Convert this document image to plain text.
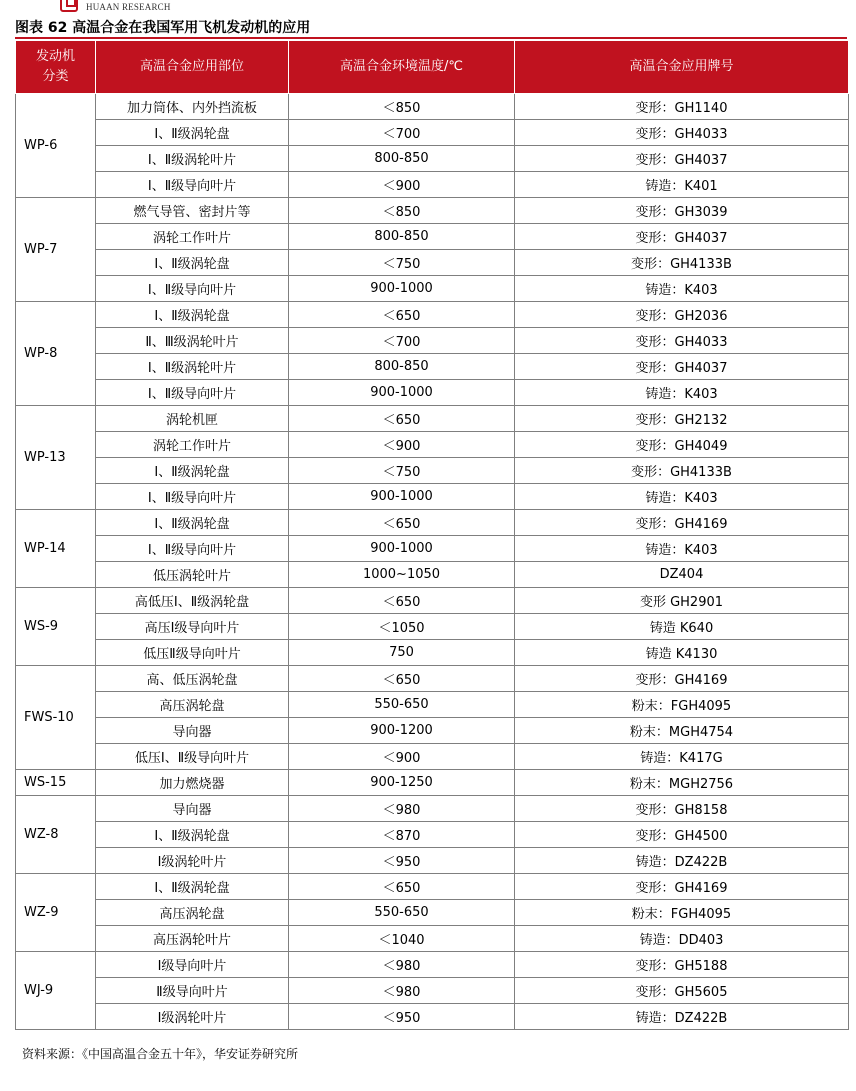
HUAAN RESEARCH
图表 62 高温合金在我国军用飞机发动机的应用
发动机
分类	高温合金应用部位	高温合金环境温度/℃	高温合金应用牌号
WP-6	加力筒体、内外挡流板	＜850	变形：GH1140
	Ⅰ、Ⅱ级涡轮盘	＜700	变形：GH4033
	Ⅰ、Ⅱ级涡轮叶片	800-850	变形：GH4037
	Ⅰ、Ⅱ级导向叶片	＜900	铸造：K401
WP-7	燃气导管、密封片等	＜850	变形：GH3039
	涡轮工作叶片	800-850	变形：GH4037
	Ⅰ、Ⅱ级涡轮盘	＜750	变形：GH4133B
	Ⅰ、Ⅱ级导向叶片	900-1000	铸造：K403
WP-8	Ⅰ、Ⅱ级涡轮盘	＜650	变形：GH2036
	Ⅱ、Ⅲ级涡轮叶片	＜700	变形：GH4033
	Ⅰ、Ⅱ级涡轮叶片	800-850	变形：GH4037
	Ⅰ、Ⅱ级导向叶片	900-1000	铸造：K403
WP-13	涡轮机匣	＜650	变形：GH2132
	涡轮工作叶片	＜900	变形：GH4049
	Ⅰ、Ⅱ级涡轮盘	＜750	变形：GH4133B
	Ⅰ、Ⅱ级导向叶片	900-1000	铸造：K403
WP-14	Ⅰ、Ⅱ级涡轮盘	＜650	变形：GH4169
	Ⅰ、Ⅱ级导向叶片	900-1000	铸造：K403
	低压涡轮叶片	1000~1050	DZ404
WS-9	高低压Ⅰ、Ⅱ级涡轮盘	＜650	变形 GH2901
	高压Ⅰ级导向叶片	＜1050	铸造 K640
	低压Ⅱ级导向叶片	750	铸造 K4130
FWS-10	高、低压涡轮盘	＜650	变形：GH4169
	高压涡轮盘	550-650	粉末：FGH4095
	导向器	900-1200	粉末：MGH4754
	低压Ⅰ、Ⅱ级导向叶片	＜900	铸造：K417G
WS-15	加力燃烧器	900-1250	粉末：MGH2756
WZ-8	导向器	＜980	变形：GH8158
	Ⅰ、Ⅱ级涡轮盘	＜870	变形：GH4500
	Ⅰ级涡轮叶片	＜950	铸造：DZ422B
WZ-9	Ⅰ、Ⅱ级涡轮盘	＜650	变形：GH4169
	高压涡轮盘	550-650	粉末：FGH4095
	高压涡轮叶片	＜1040	铸造：DD403
WJ-9	Ⅰ级导向叶片	＜980	变形：GH5188
	Ⅱ级导向叶片	＜980	变形：GH5605
	Ⅰ级涡轮叶片	＜950	铸造：DZ422B
资料来源：《中国高温合金五十年》，华安证券研究所
